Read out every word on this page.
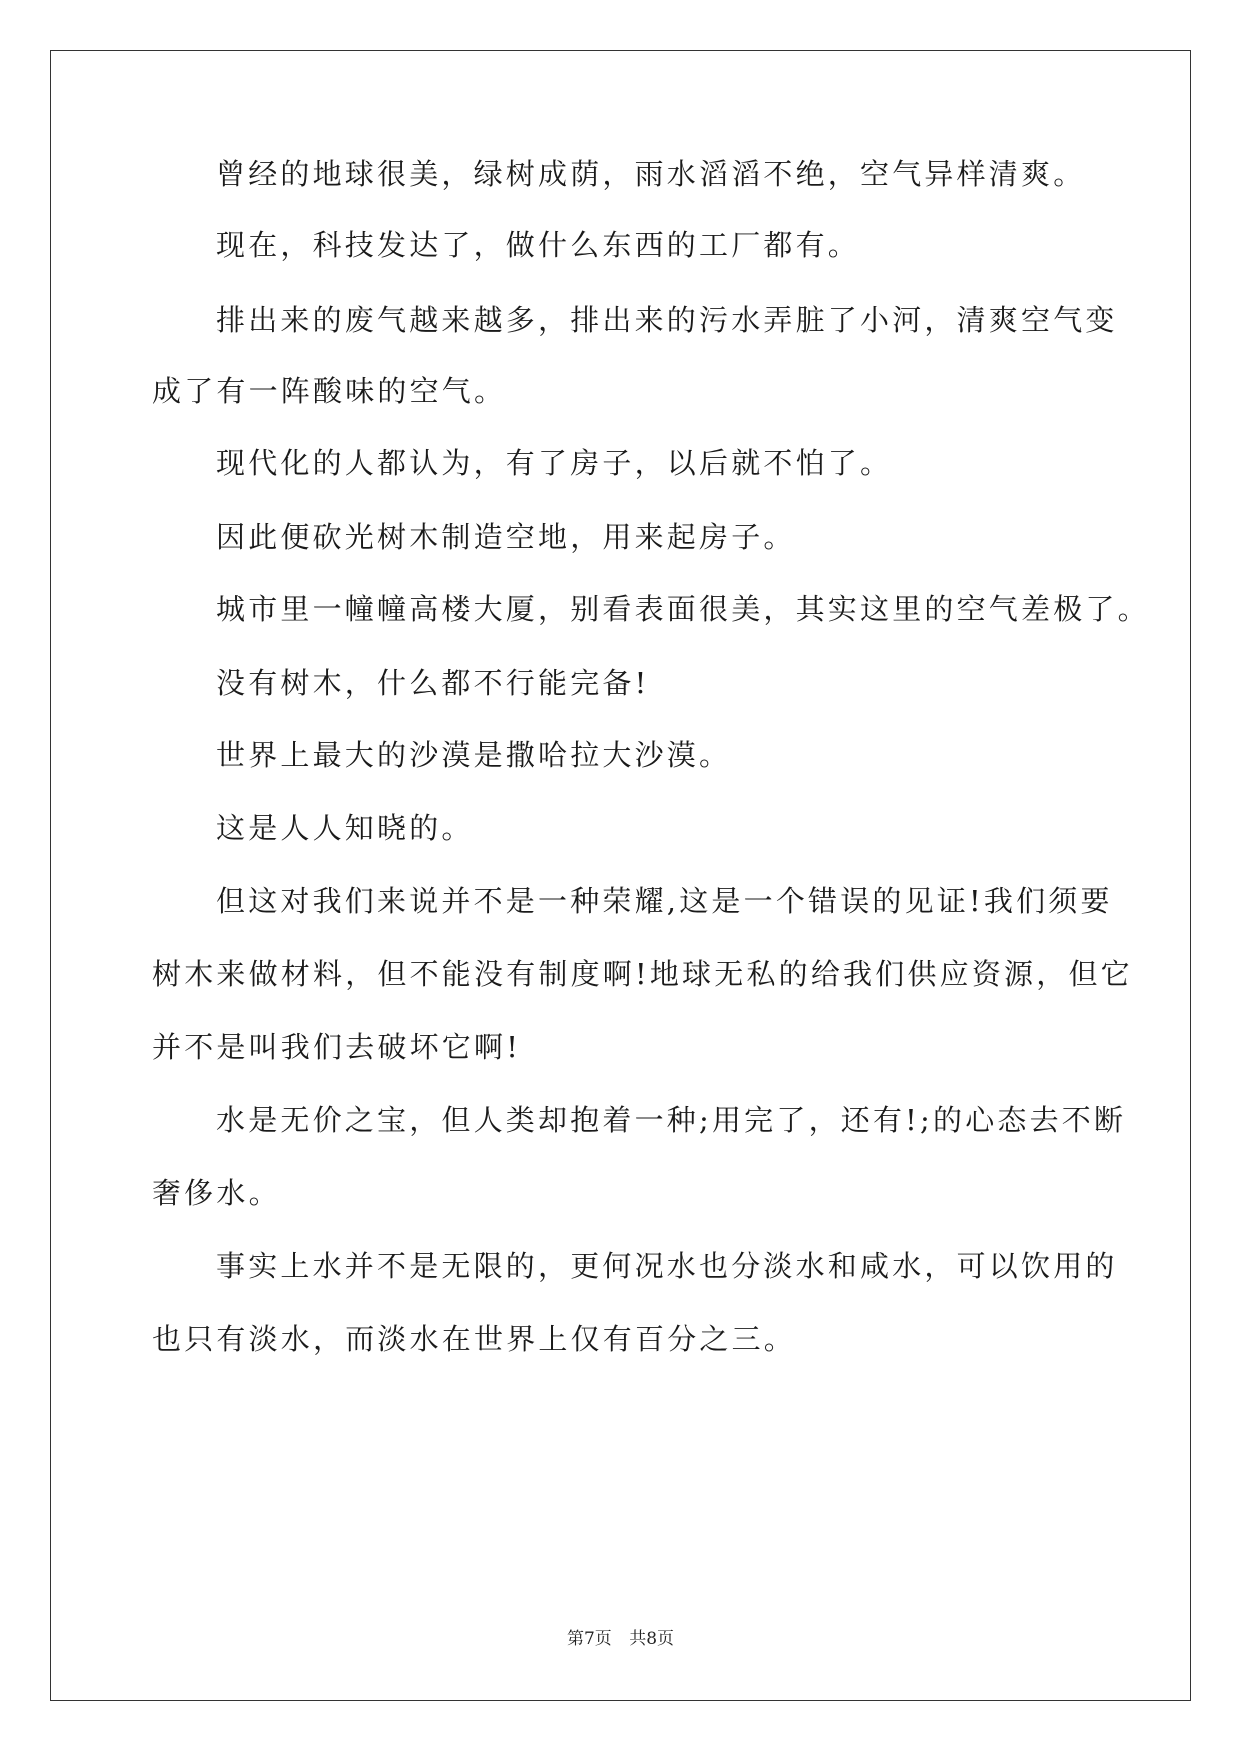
曾经的地球很美，绿树成荫，雨水滔滔不绝，空气异样清爽。
现在，科技发达了，做什么东西的工厂都有。
排出来的废气越来越多，排出来的污水弄脏了小河，清爽空气变
成了有一阵酸味的空气。
现代化的人都认为，有了房子，以后就不怕了。
因此便砍光树木制造空地，用来起房子。
城市里一幢幢高楼大厦，别看表面很美，其实这里的空气差极了。
没有树木，什么都不行能完备!
世界上最大的沙漠是撒哈拉大沙漠。
这是人人知晓的。
但这对我们来说并不是一种荣耀,这是一个错误的见证!我们须要
树木来做材料，但不能没有制度啊!地球无私的给我们供应资源，但它
并不是叫我们去破坏它啊!
水是无价之宝，但人类却抱着一种;用完了，还有!;的心态去不断
奢侈水。
事实上水并不是无限的，更何况水也分淡水和咸水，可以饮用的
也只有淡水，而淡水在世界上仅有百分之三。
第7页 共8页
